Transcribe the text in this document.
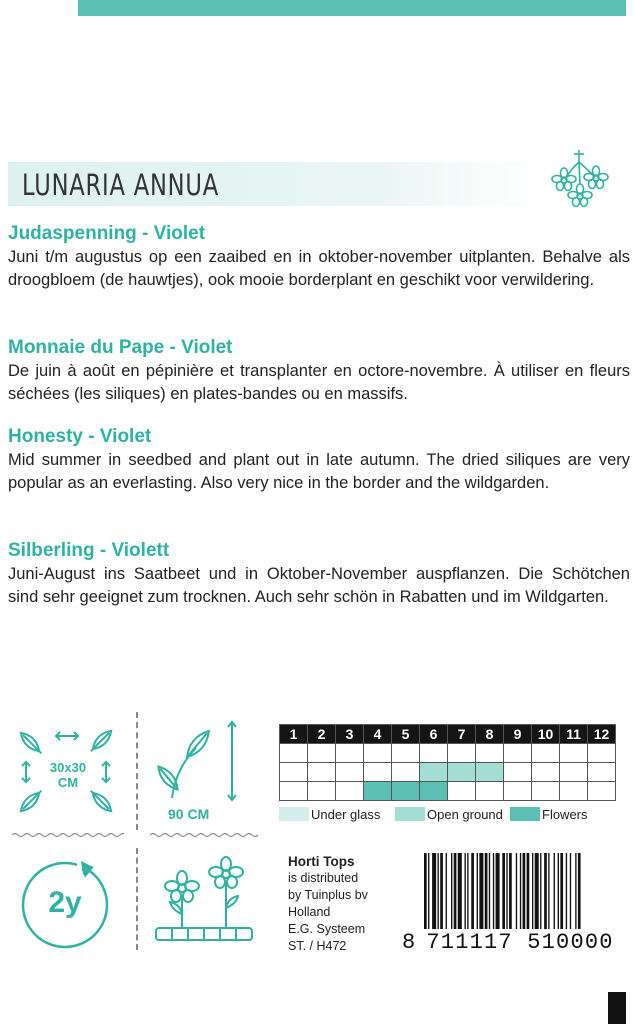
LUNARIA ANNUA
Judaspenning - Violet

Juni t/m augustus op een zaaibed en in oktober-november uitplanten. Behalve als droogbloem (de hauwtjes), ook mooie borderplant en geschikt voor verwildering.

Monnaie du Pape - Violet

De juin à août en pépinière et transplanter en octore-novembre. À utiliser en fleurs séchées (les siliques) en plates-bandes ou en massifs.

Honesty - Violet

Mid summer in seedbed and plant out in late autumn. The dried siliques are very popular as an everlasting. Also very nice in the border and the wildgarden.

Silberling - Violett

Juni-August ins Saatbeet und in Oktober-November auspflanzen. Die Schötchen sind sehr geeignet zum trocknen. Auch sehr schön in Rabatten und im Wildgarten.

30x30
CM
90 CM
2y
1	2	3	4	5	6	7	8	9	10	11	12

Under glass	Open ground	Flowers
Horti Tops
is distributed
by Tuinplus bv
Holland
E.G. Systeem
ST. / H472	8 711117 510000
